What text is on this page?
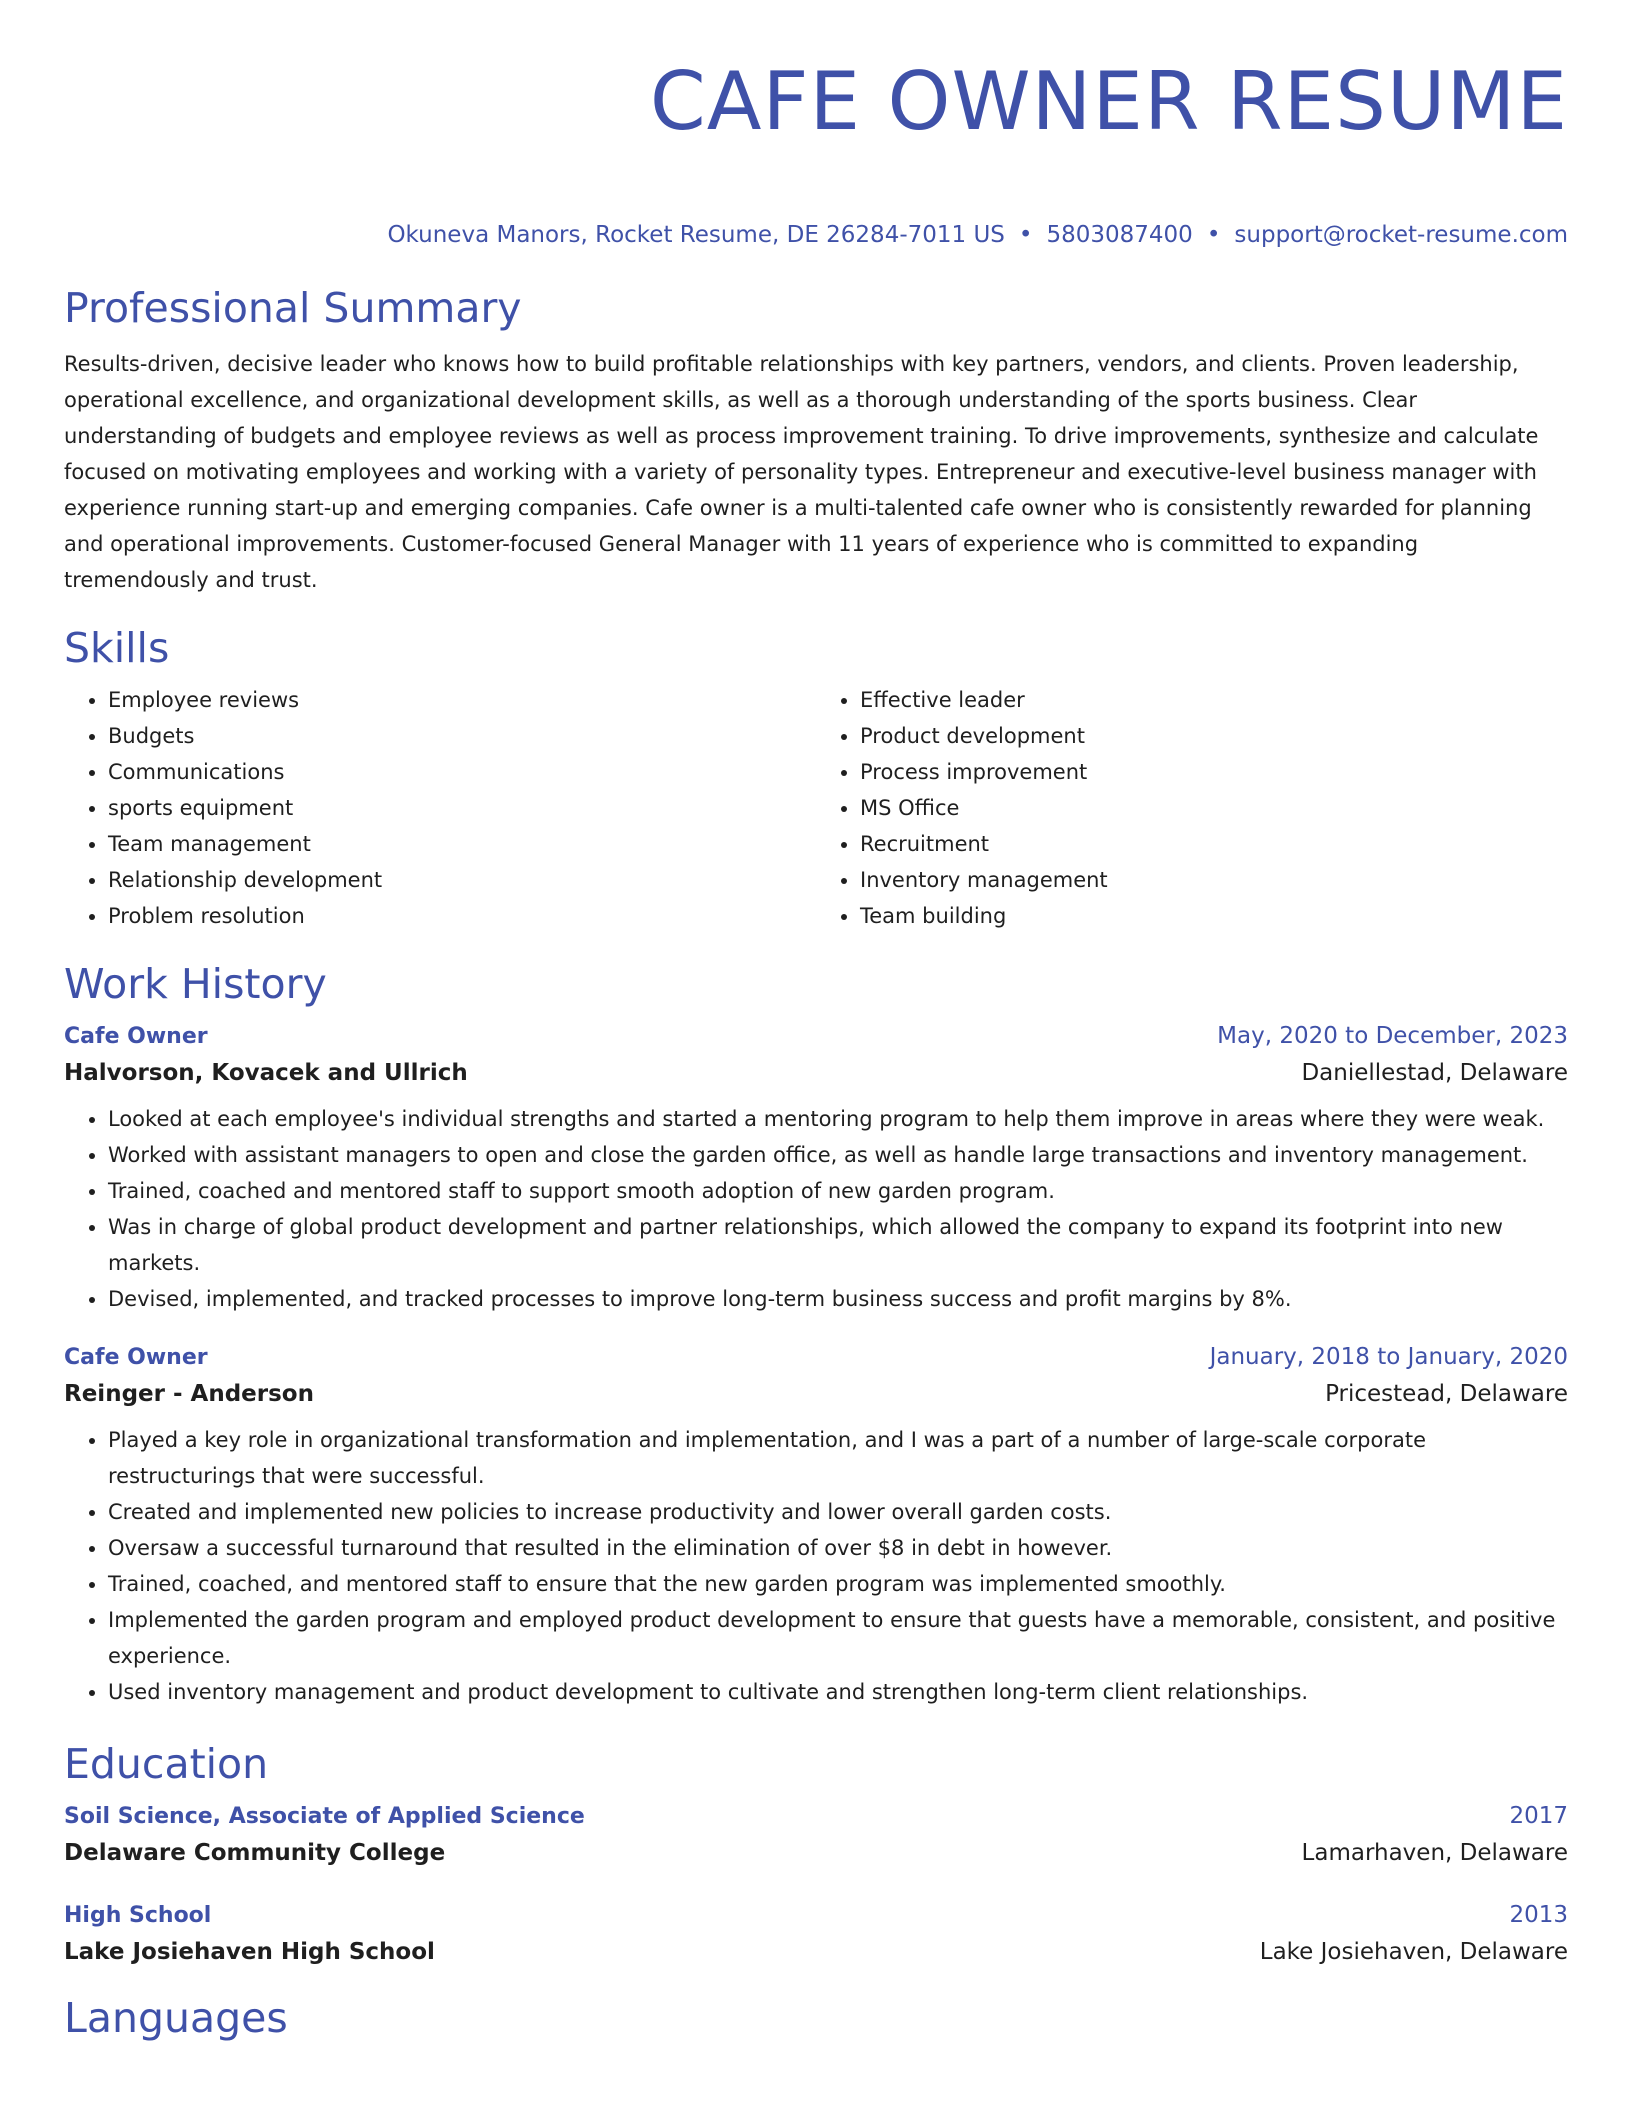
CAFE OWNER RESUME
Okuneva Manors, Rocket Resume, DE 26284-7011 US • 5803087400 • support@rocket-resume.com
Professional Summary

Results-driven, decisive leader who knows how to build profitable relationships with key partners, vendors, and clients. Proven leadership, operational excellence, and organizational development skills, as well as a thorough understanding of the sports business. Clear understanding of budgets and employee reviews as well as process improvement training. To drive improvements, synthesize and calculate focused on motivating employees and working with a variety of personality types. Entrepreneur and executive-level business manager with experience running start-up and emerging companies. Cafe owner is a multi-talented cafe owner who is consistently rewarded for planning and operational improvements. Customer-focused General Manager with 11 years of experience who is committed to expanding tremendously and trust.

Skills
• Employee reviews
• Budgets
• Communications
• sports equipment
• Team management
• Relationship development
• Problem resolution
• Effective leader
• Product development
• Process improvement
• MS Office
• Recruitment
• Inventory management
• Team building
Work History
Cafe Owner	May, 2020 to December, 2023
Halvorson, Kovacek and Ullrich	Daniellestad, Delaware
• Looked at each employee's individual strengths and started a mentoring program to help them improve in areas where they were weak.
• Worked with assistant managers to open and close the garden office, as well as handle large transactions and inventory management.
• Trained, coached and mentored staff to support smooth adoption of new garden program.
• Was in charge of global product development and partner relationships, which allowed the company to expand its footprint into new markets.
• Devised, implemented, and tracked processes to improve long-term business success and profit margins by 8%.
Cafe Owner	January, 2018 to January, 2020
Reinger - Anderson	Pricestead, Delaware
• Played a key role in organizational transformation and implementation, and I was a part of a number of large-scale corporate restructurings that were successful.
• Created and implemented new policies to increase productivity and lower overall garden costs.
• Oversaw a successful turnaround that resulted in the elimination of over $8 in debt in however.
• Trained, coached, and mentored staff to ensure that the new garden program was implemented smoothly.
• Implemented the garden program and employed product development to ensure that guests have a memorable, consistent, and positive experience.
• Used inventory management and product development to cultivate and strengthen long-term client relationships.
Education
Soil Science, Associate of Applied Science	2017
Delaware Community College	Lamarhaven, Delaware
High School	2013
Lake Josiehaven High School	Lake Josiehaven, Delaware
Languages
